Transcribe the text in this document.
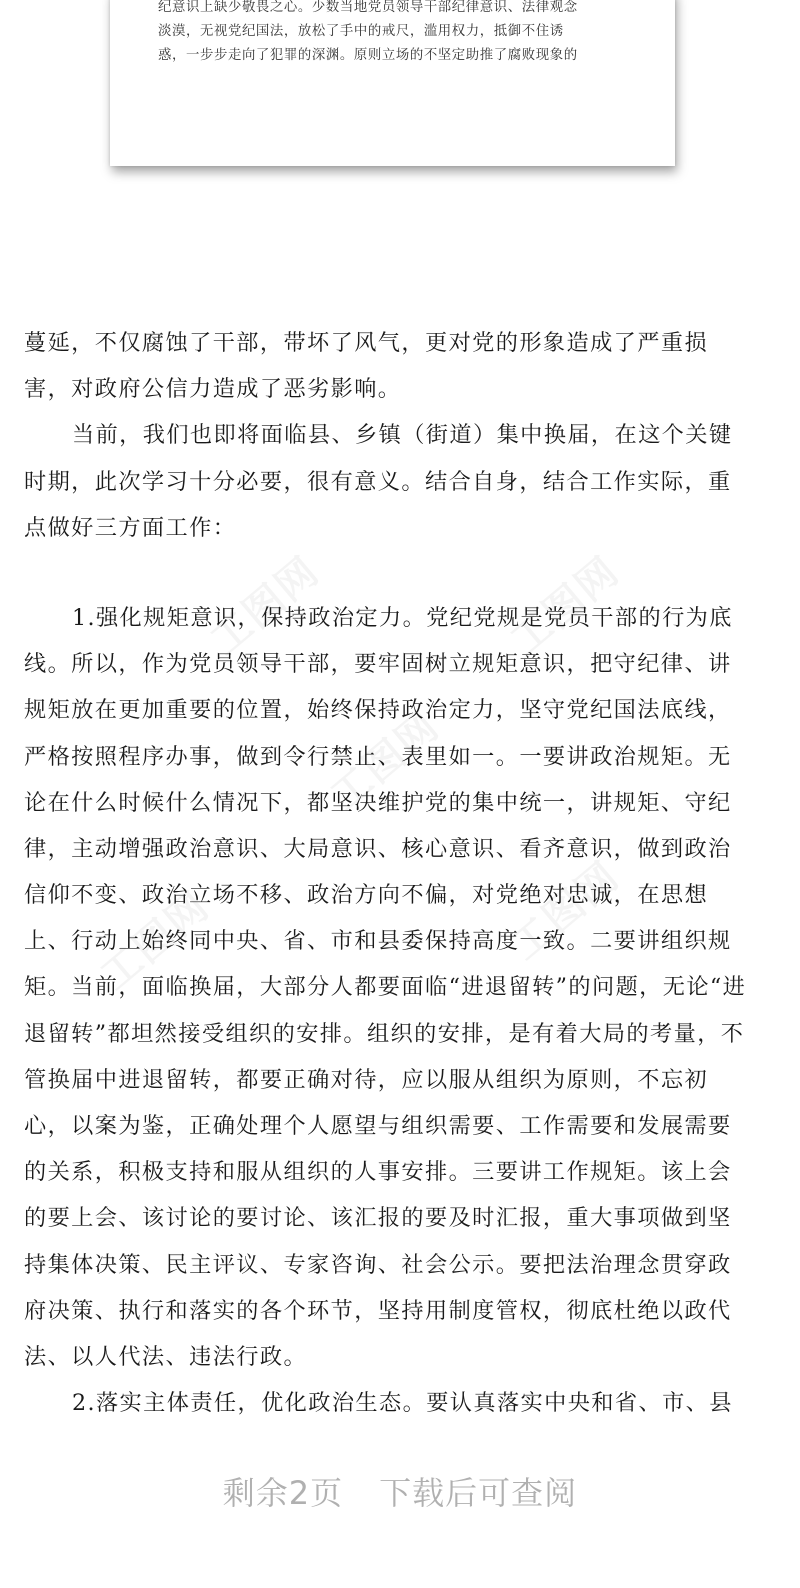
纪意识上缺少敬畏之心。少数当地党员领导干部纪律意识、法律观念

淡漠，无视党纪国法，放松了手中的戒尺，滥用权力，抵御不住诱

惑，一步步走向了犯罪的深渊。原则立场的不坚定助推了腐败现象的

蔓延，不仅腐蚀了干部，带坏了风气，更对党的形象造成了严重损
害，对政府公信力造成了恶劣影响。
当前，我们也即将面临县、乡镇（街道）集中换届，在这个关键
时期，此次学习十分必要，很有意义。结合自身，结合工作实际，重
点做好三方面工作：
1.强化规矩意识，保持政治定力。党纪党规是党员干部的行为底
线。所以，作为党员领导干部，要牢固树立规矩意识，把守纪律、讲
规矩放在更加重要的位置，始终保持政治定力，坚守党纪国法底线，
严格按照程序办事，做到令行禁止、表里如一。一要讲政治规矩。无
论在什么时候什么情况下，都坚决维护党的集中统一，讲规矩、守纪
律，主动增强政治意识、大局意识、核心意识、看齐意识，做到政治
信仰不变、政治立场不移、政治方向不偏，对党绝对忠诚，在思想
上、行动上始终同中央、省、市和县委保持高度一致。二要讲组织规
矩。当前，面临换届，大部分人都要面临“进退留转”的问题，无论“进
退留转”都坦然接受组织的安排。组织的安排，是有着大局的考量，不
管换届中进退留转，都要正确对待，应以服从组织为原则，不忘初
心，以案为鉴，正确处理个人愿望与组织需要、工作需要和发展需要
的关系，积极支持和服从组织的人事安排。三要讲工作规矩。该上会
的要上会、该讨论的要讨论、该汇报的要及时汇报，重大事项做到坚
持集体决策、民主评议、专家咨询、社会公示。要把法治理念贯穿政
府决策、执行和落实的各个环节，坚持用制度管权，彻底杜绝以政代
法、以人代法、违法行政。
2.落实主体责任，优化政治生态。要认真落实中央和省、市、县
剩余2页 下载后可查阅
